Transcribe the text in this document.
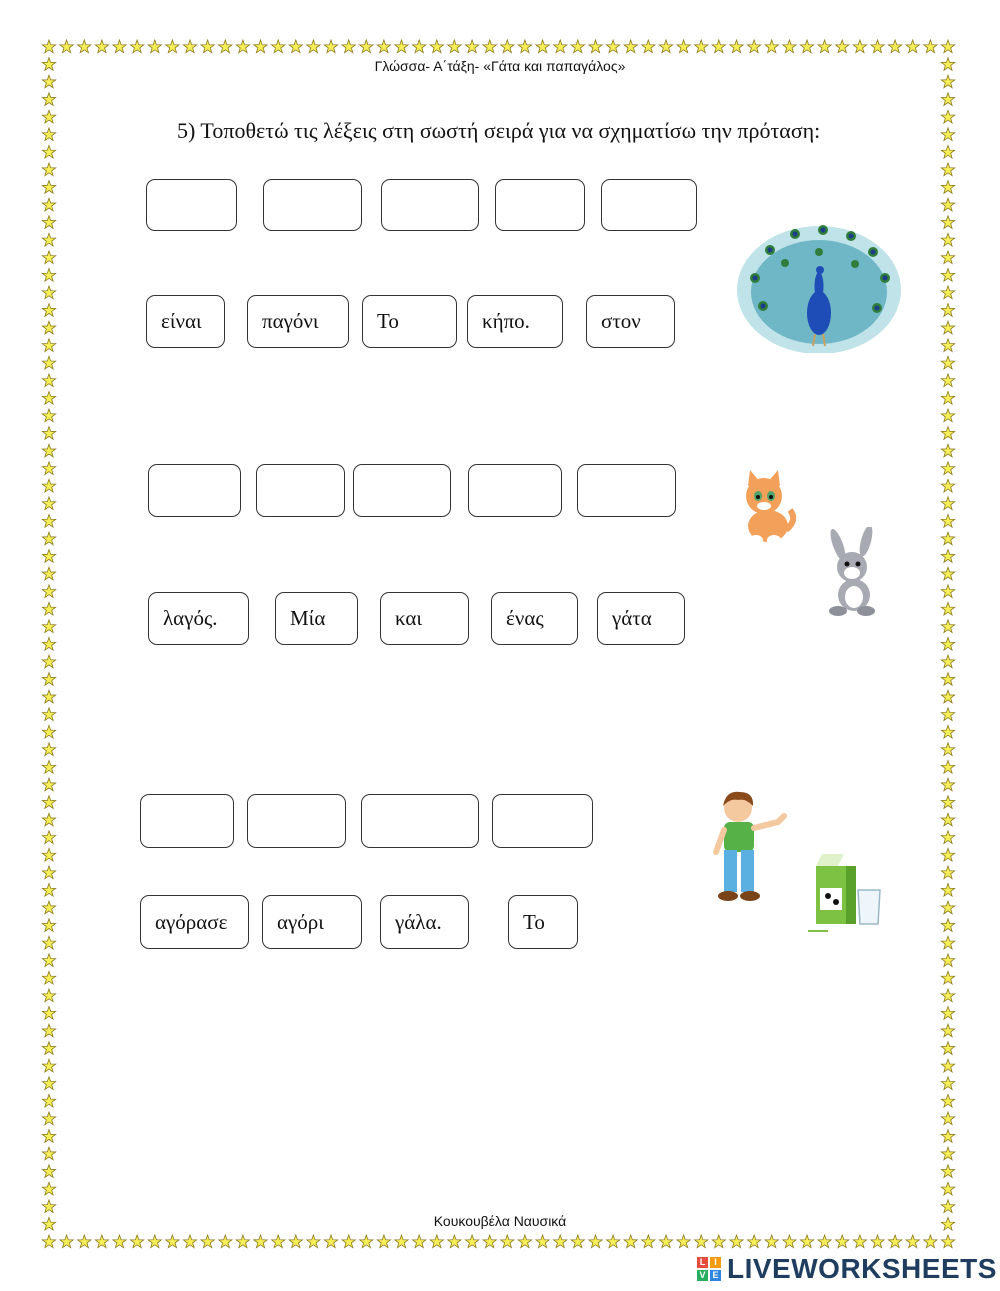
Γλώσσα- Α΄τάξη- «Γάτα και παπαγάλος»
5) Τοποθετώ τις λέξεις στη σωστή σειρά για να σχηματίσω την πρόταση:
είναι	παγόνι	Το	κήπο.	στον
λαγός.	Μία	και	ένας	γάτα
αγόρασε	αγόρι	γάλα.	Το
Κουκουβέλα Ναυσικά
L I
V E LIVEWORKSHEETS
